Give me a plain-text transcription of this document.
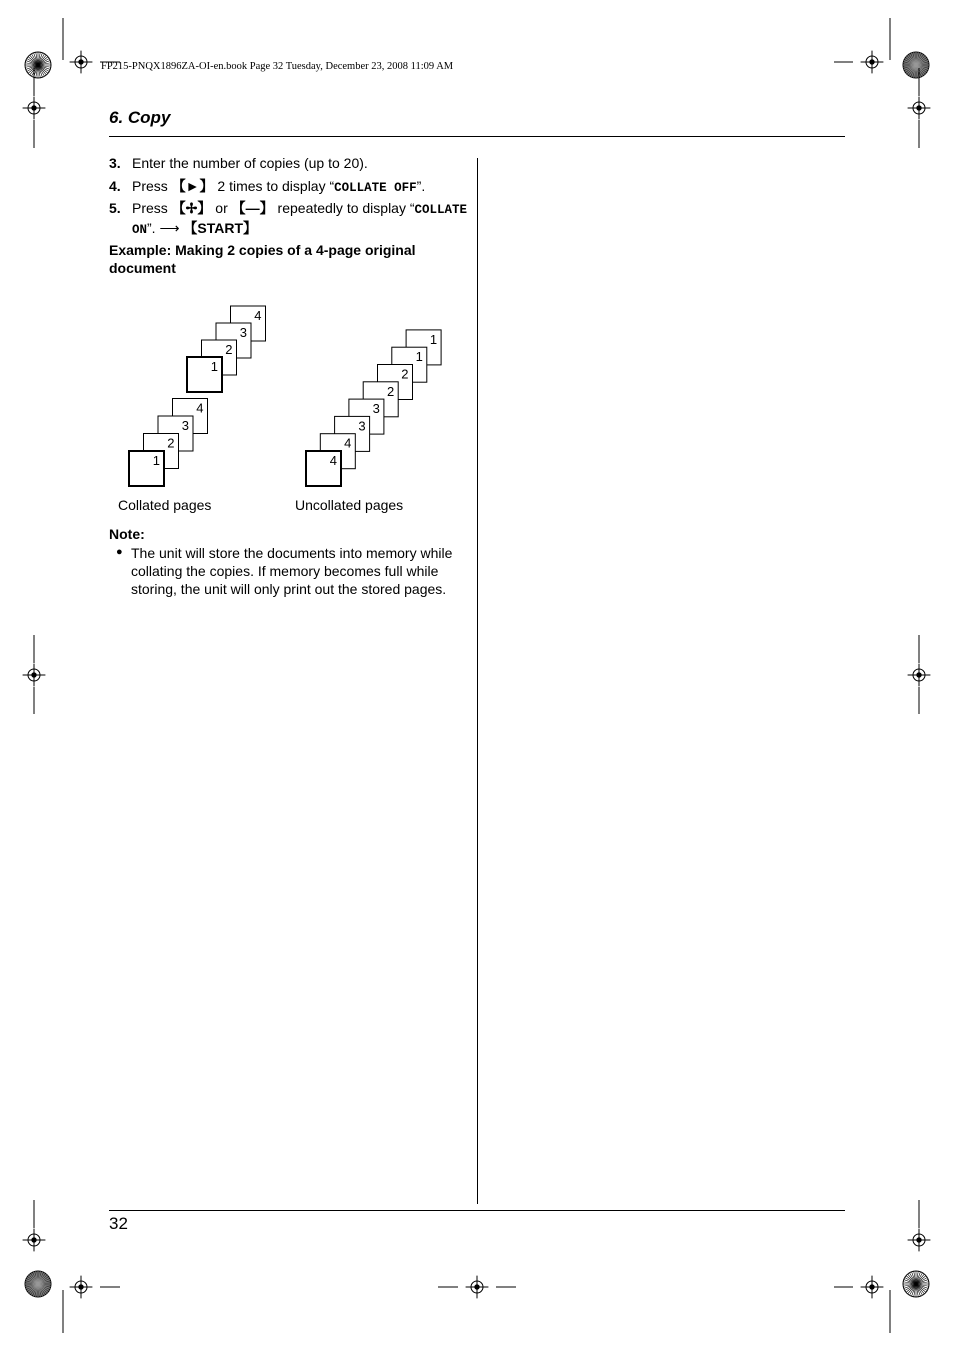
FP215-PNQX1896ZA-OI-en.book Page 32 Tuesday, December 23, 2008 11:09 AM
6. Copy
3. Enter the number of copies (up to 20).
4. Press 【►】 2 times to display “COLLATE OFF”.
5. Press 【✢】 or 【—】 repeatedly to display “COLLATE ON”. ⟶ 【START】
Example: Making 2 copies of a 4-page original document
4
3
2
1
4
3
2
1
1
1
2
2
3
3
4
4
Collated pages	Uncollated pages
Note:
● The unit will store the documents into memory while collating the copies. If memory becomes full while storing, the unit will only print out the stored pages.
32
